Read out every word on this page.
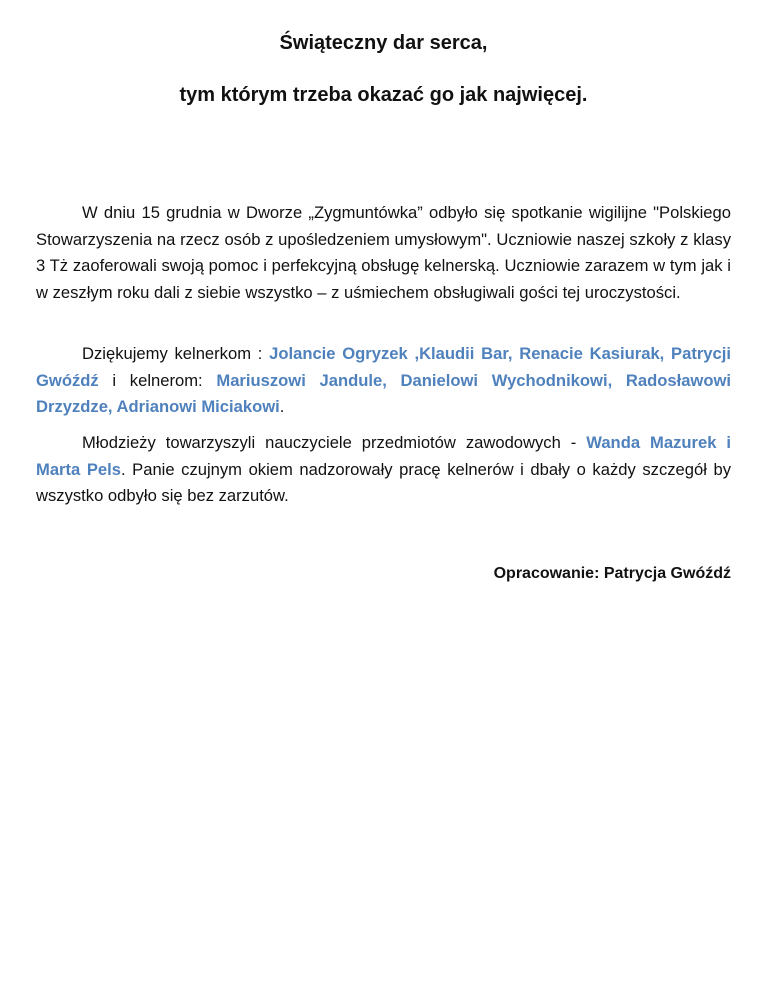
Świąteczny dar serca,
tym którym trzeba okazać go jak najwięcej.

W dniu 15 grudnia w Dworze „Zygmuntówka” odbyło się spotkanie wigilijne "Polskiego Stowarzyszenia na rzecz osób z upośledzeniem umysłowym". Uczniowie naszej szkoły z klasy 3 Tż zaoferowali swoją pomoc i perfekcyjną obsługę kelnerską. Uczniowie zarazem w tym jak i w zeszłym roku dali z siebie wszystko – z uśmiechem obsługiwali gości tej uroczystości.

Dziękujemy kelnerkom : Jolancie Ogryzek ,Klaudii Bar, Renacie Kasiurak, Patrycji Gwóźdź i kelnerom: Mariuszowi Jandule, Danielowi Wychodnikowi, Radosławowi Drzyzdze, Adrianowi Miciakowi.

Młodzieży towarzyszyli nauczyciele przedmiotów zawodowych - Wanda Mazurek i Marta Pels. Panie czujnym okiem nadzorowały pracę kelnerów i dbały o każdy szczegół by wszystko odbyło się bez zarzutów.

Opracowanie: Patrycja Gwóźdź
